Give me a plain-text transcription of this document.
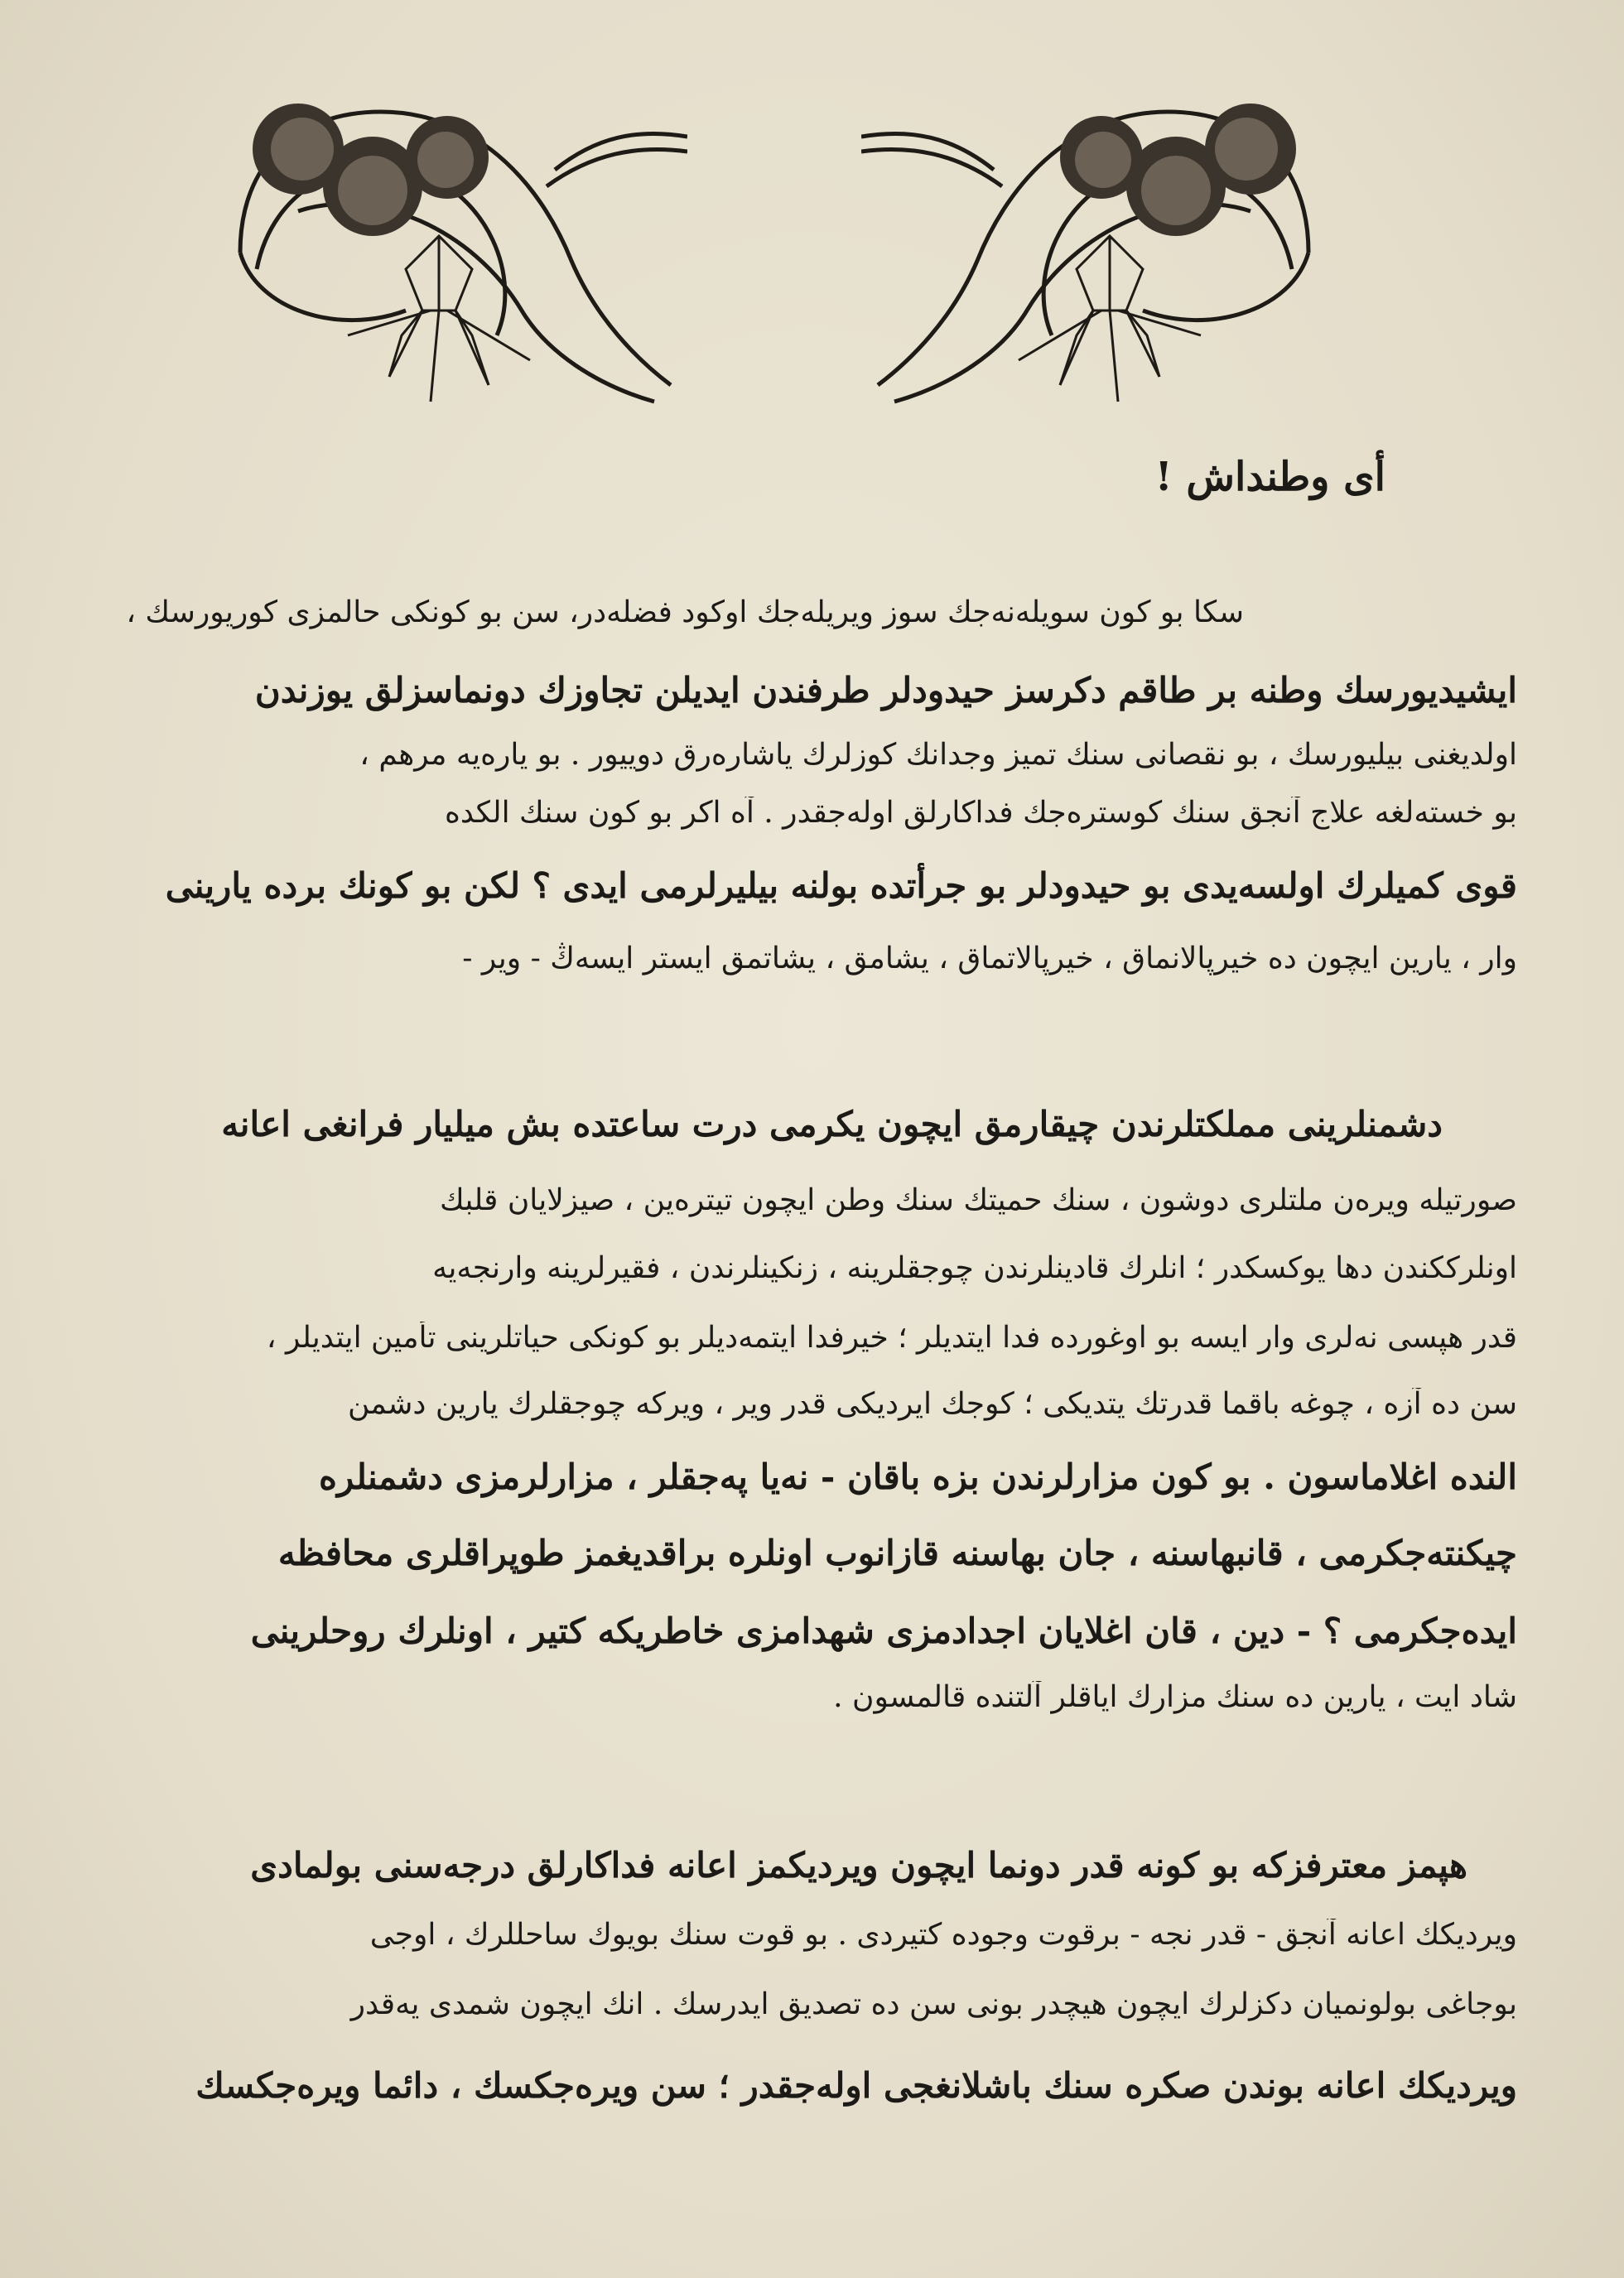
أى وطنداش !
سكا بو كون سويلەنەجك سوز ويريلەجك اوكود فضلەدر، سن بو كونكى حالمزى كوريورسك ،
ايشيديورسك وطنە بر طاقم دكرسز حيدودلر طرفندن ايديلن تجاوزك دونماسزلق يوزندن
اولديغنى بيليورسك ، بو نقصانى سنك تميز وجدانك كوزلرك ياشارەرق دوييور . بو يارەيە مرهم ،
بو خستەلغە علاج آنجق سنك كوسترەجك فداكارلق اولەجقدر . آه اكر بو كون سنك الكدە
قوى كميلرك اولسەيدى بو حيدودلر بو جرأتدە بولنە بيليرلرمى ايدى ؟ لكن بو كونك بردە يارينى
وار ، يارين ايچون دە خيرپالانماق ، خيرپالاتماق ، يشامق ، يشاتمق ايستر ايسەڭ - وير -
دشمنلرينى مملكتلرندن چيقارمق ايچون يكرمى درت ساعتدە بش ميليار فرانغى اعانە
صورتيلە ويرەن ملتلرى دوشون ، سنك حميتك سنك وطن ايچون تيترەين ، صيزلايان قلبك
اونلرككندن دها يوكسكدر ؛ انلرك قادينلرندن چوجقلرينە ، زنكينلرندن ، فقيرلرينە وارنجەيە
قدر هپسى نەلرى وار ايسە بو اوغوردە فدا ايتديلر ؛ خيرفدا ايتمەديلر بو كونكى حياتلرينى تأمين ايتديلر ،
سن دە آزە ، چوغە باقما قدرتك يتديكى ؛ كوجك ايرديكى قدر وير ، ويركە چوجقلرك يارين دشمن
الندە اغلاماسون . بو كون مزارلرندن بزە باقان - نەيا پەجقلر ، مزارلرمزى دشمنلرە
چيكنتەجكرمى ، قانبهاسنە ، جان بهاسنە قازانوب اونلرە براقديغمز طوپراقلرى محافظە
ايدەجكرمى ؟ - دين ، قان اغلايان اجدادمزى شهدامزى خاطريكە كتير ، اونلرك روحلرينى
شاد ايت ، يارين دە سنك مزارك اياقلر آلتندە قالمسون .
هپمز معترفزكە بو كونە قدر دونما ايچون ويرديكمز اعانە فداكارلق درجەسنى بولمادى
ويرديكك اعانە آنجق - قدر نجە - برقوت وجودە كتيردى . بو قوت سنك بويوك ساحللرك ، اوجى
بوجاغى بولونميان دكزلرك ايچون هيچدر بونى سن دە تصديق ايدرسك . انك ايچون شمدى يەقدر
ويرديكك اعانە بوندن صكرە سنك باشلانغجى اولەجقدر ؛ سن ويرەجكسك ، دائما ويرەجكسك
